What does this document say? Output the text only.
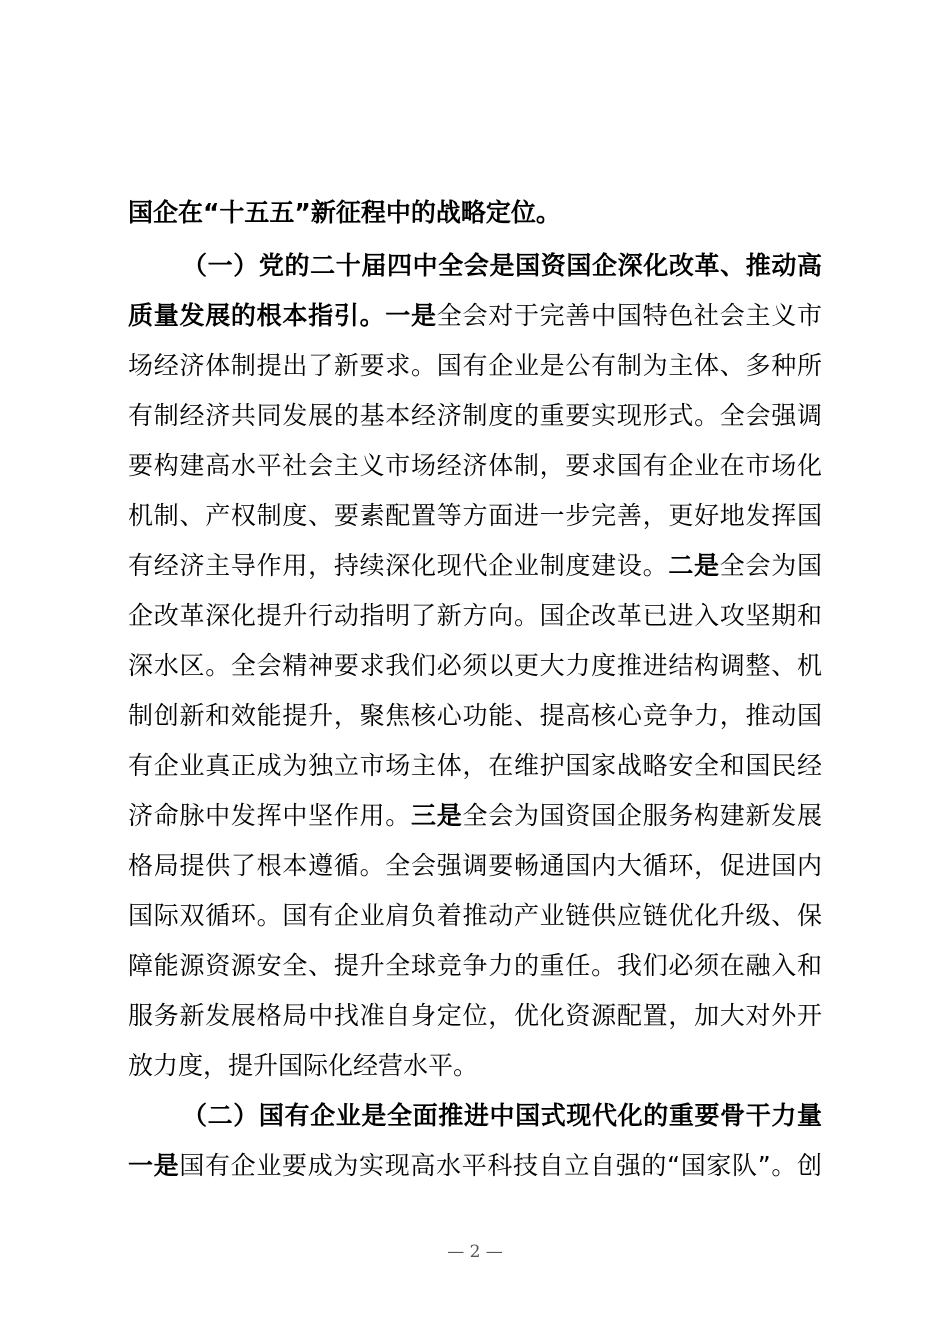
国企在“十五五”新征程中的战略定位。
（一）党的二十届四中全会是国资国企深化改革、推动高
质量发展的根本指引。一是全会对于完善中国特色社会主义市
场经济体制提出了新要求。国有企业是公有制为主体、多种所
有制经济共同发展的基本经济制度的重要实现形式。全会强调
要构建高水平社会主义市场经济体制，要求国有企业在市场化
机制、产权制度、要素配置等方面进一步完善，更好地发挥国
有经济主导作用，持续深化现代企业制度建设。二是全会为国
企改革深化提升行动指明了新方向。国企改革已进入攻坚期和
深水区。全会精神要求我们必须以更大力度推进结构调整、机
制创新和效能提升，聚焦核心功能、提高核心竞争力，推动国
有企业真正成为独立市场主体，在维护国家战略安全和国民经
济命脉中发挥中坚作用。三是全会为国资国企服务构建新发展
格局提供了根本遵循。全会强调要畅通国内大循环，促进国内
国际双循环。国有企业肩负着推动产业链供应链优化升级、保
障能源资源安全、提升全球竞争力的重任。我们必须在融入和
服务新发展格局中找准自身定位，优化资源配置，加大对外开
放力度，提升国际化经营水平。
（二）国有企业是全面推进中国式现代化的重要骨干力量
一是国有企业要成为实现高水平科技自立自强的“国家队”。创
— 2 —
